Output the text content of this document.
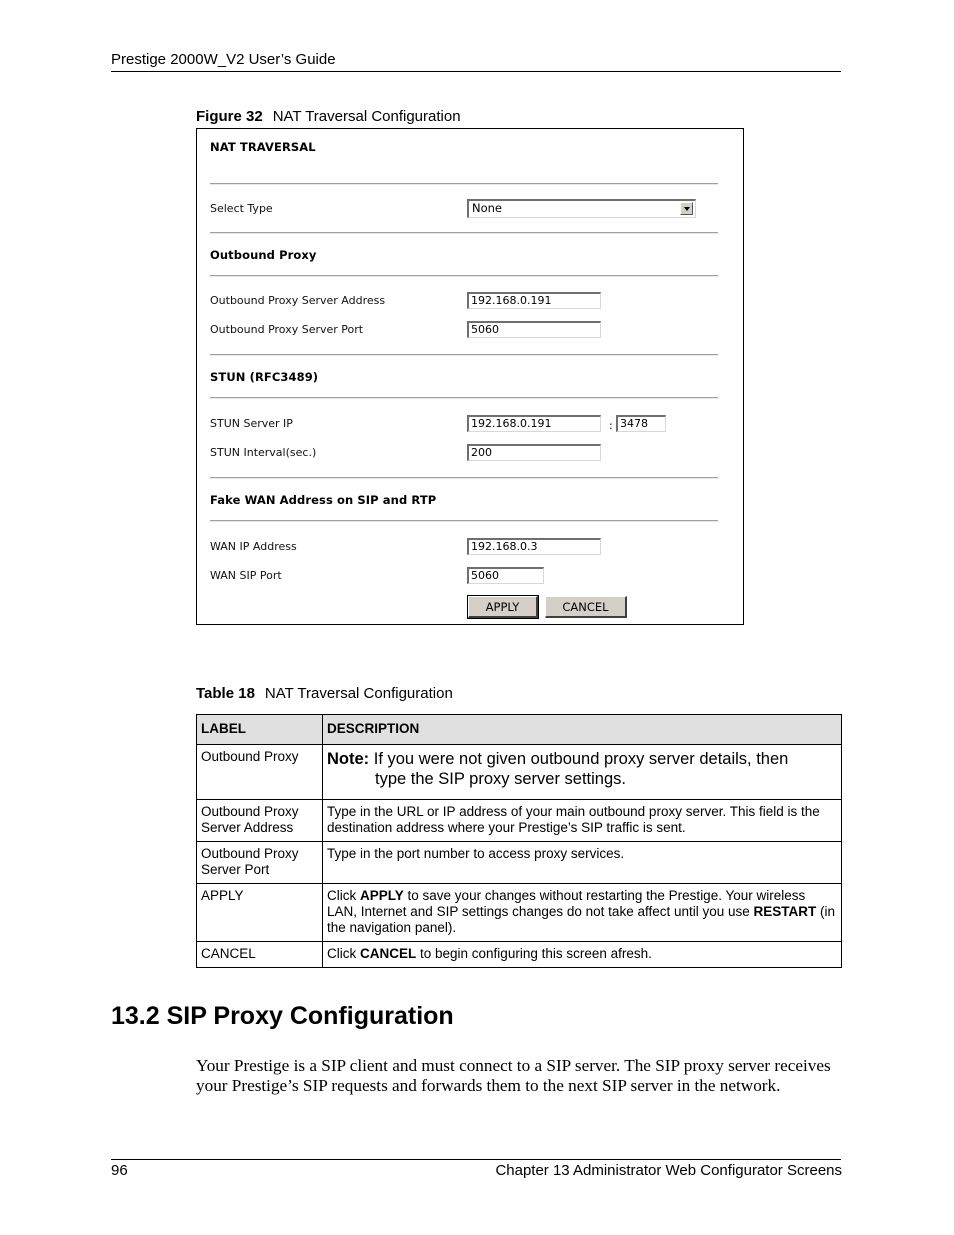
Prestige 2000W_V2 User’s Guide
Figure 32 NAT Traversal Configuration
NAT TRAVERSAL
Select Type	None
Outbound Proxy
Outbound Proxy Server Address	192.168.0.191
Outbound Proxy Server Port	5060
STUN (RFC3489)
STUN Server IP	192.168.0.191	: 3478
STUN Interval(sec.)	200
Fake WAN Address on SIP and RTP
WAN IP Address	192.168.0.3
WAN SIP Port	5060
APPLY	CANCEL
Table 18 NAT Traversal Configuration
LABEL	DESCRIPTION
Outbound Proxy	Note: If you were not given outbound proxy server details, then
type the SIP proxy server settings.

Outbound Proxy Server Address	Type in the URL or IP address of your main outbound proxy server. This field is the destination address where your Prestige’s SIP traffic is sent.
Outbound Proxy Server Port	Type in the port number to access proxy services.
APPLY	Click APPLY to save your changes without restarting the Prestige. Your wireless LAN, Internet and SIP settings changes do not take affect until you use RESTART (in the navigation panel).
CANCEL	Click CANCEL to begin configuring this screen afresh.
13.2 SIP Proxy Configuration
Your Prestige is a SIP client and must connect to a SIP server. The SIP proxy server receives your Prestige’s SIP requests and forwards them to the next SIP server in the network.
96	Chapter 13 Administrator Web Configurator Screens
